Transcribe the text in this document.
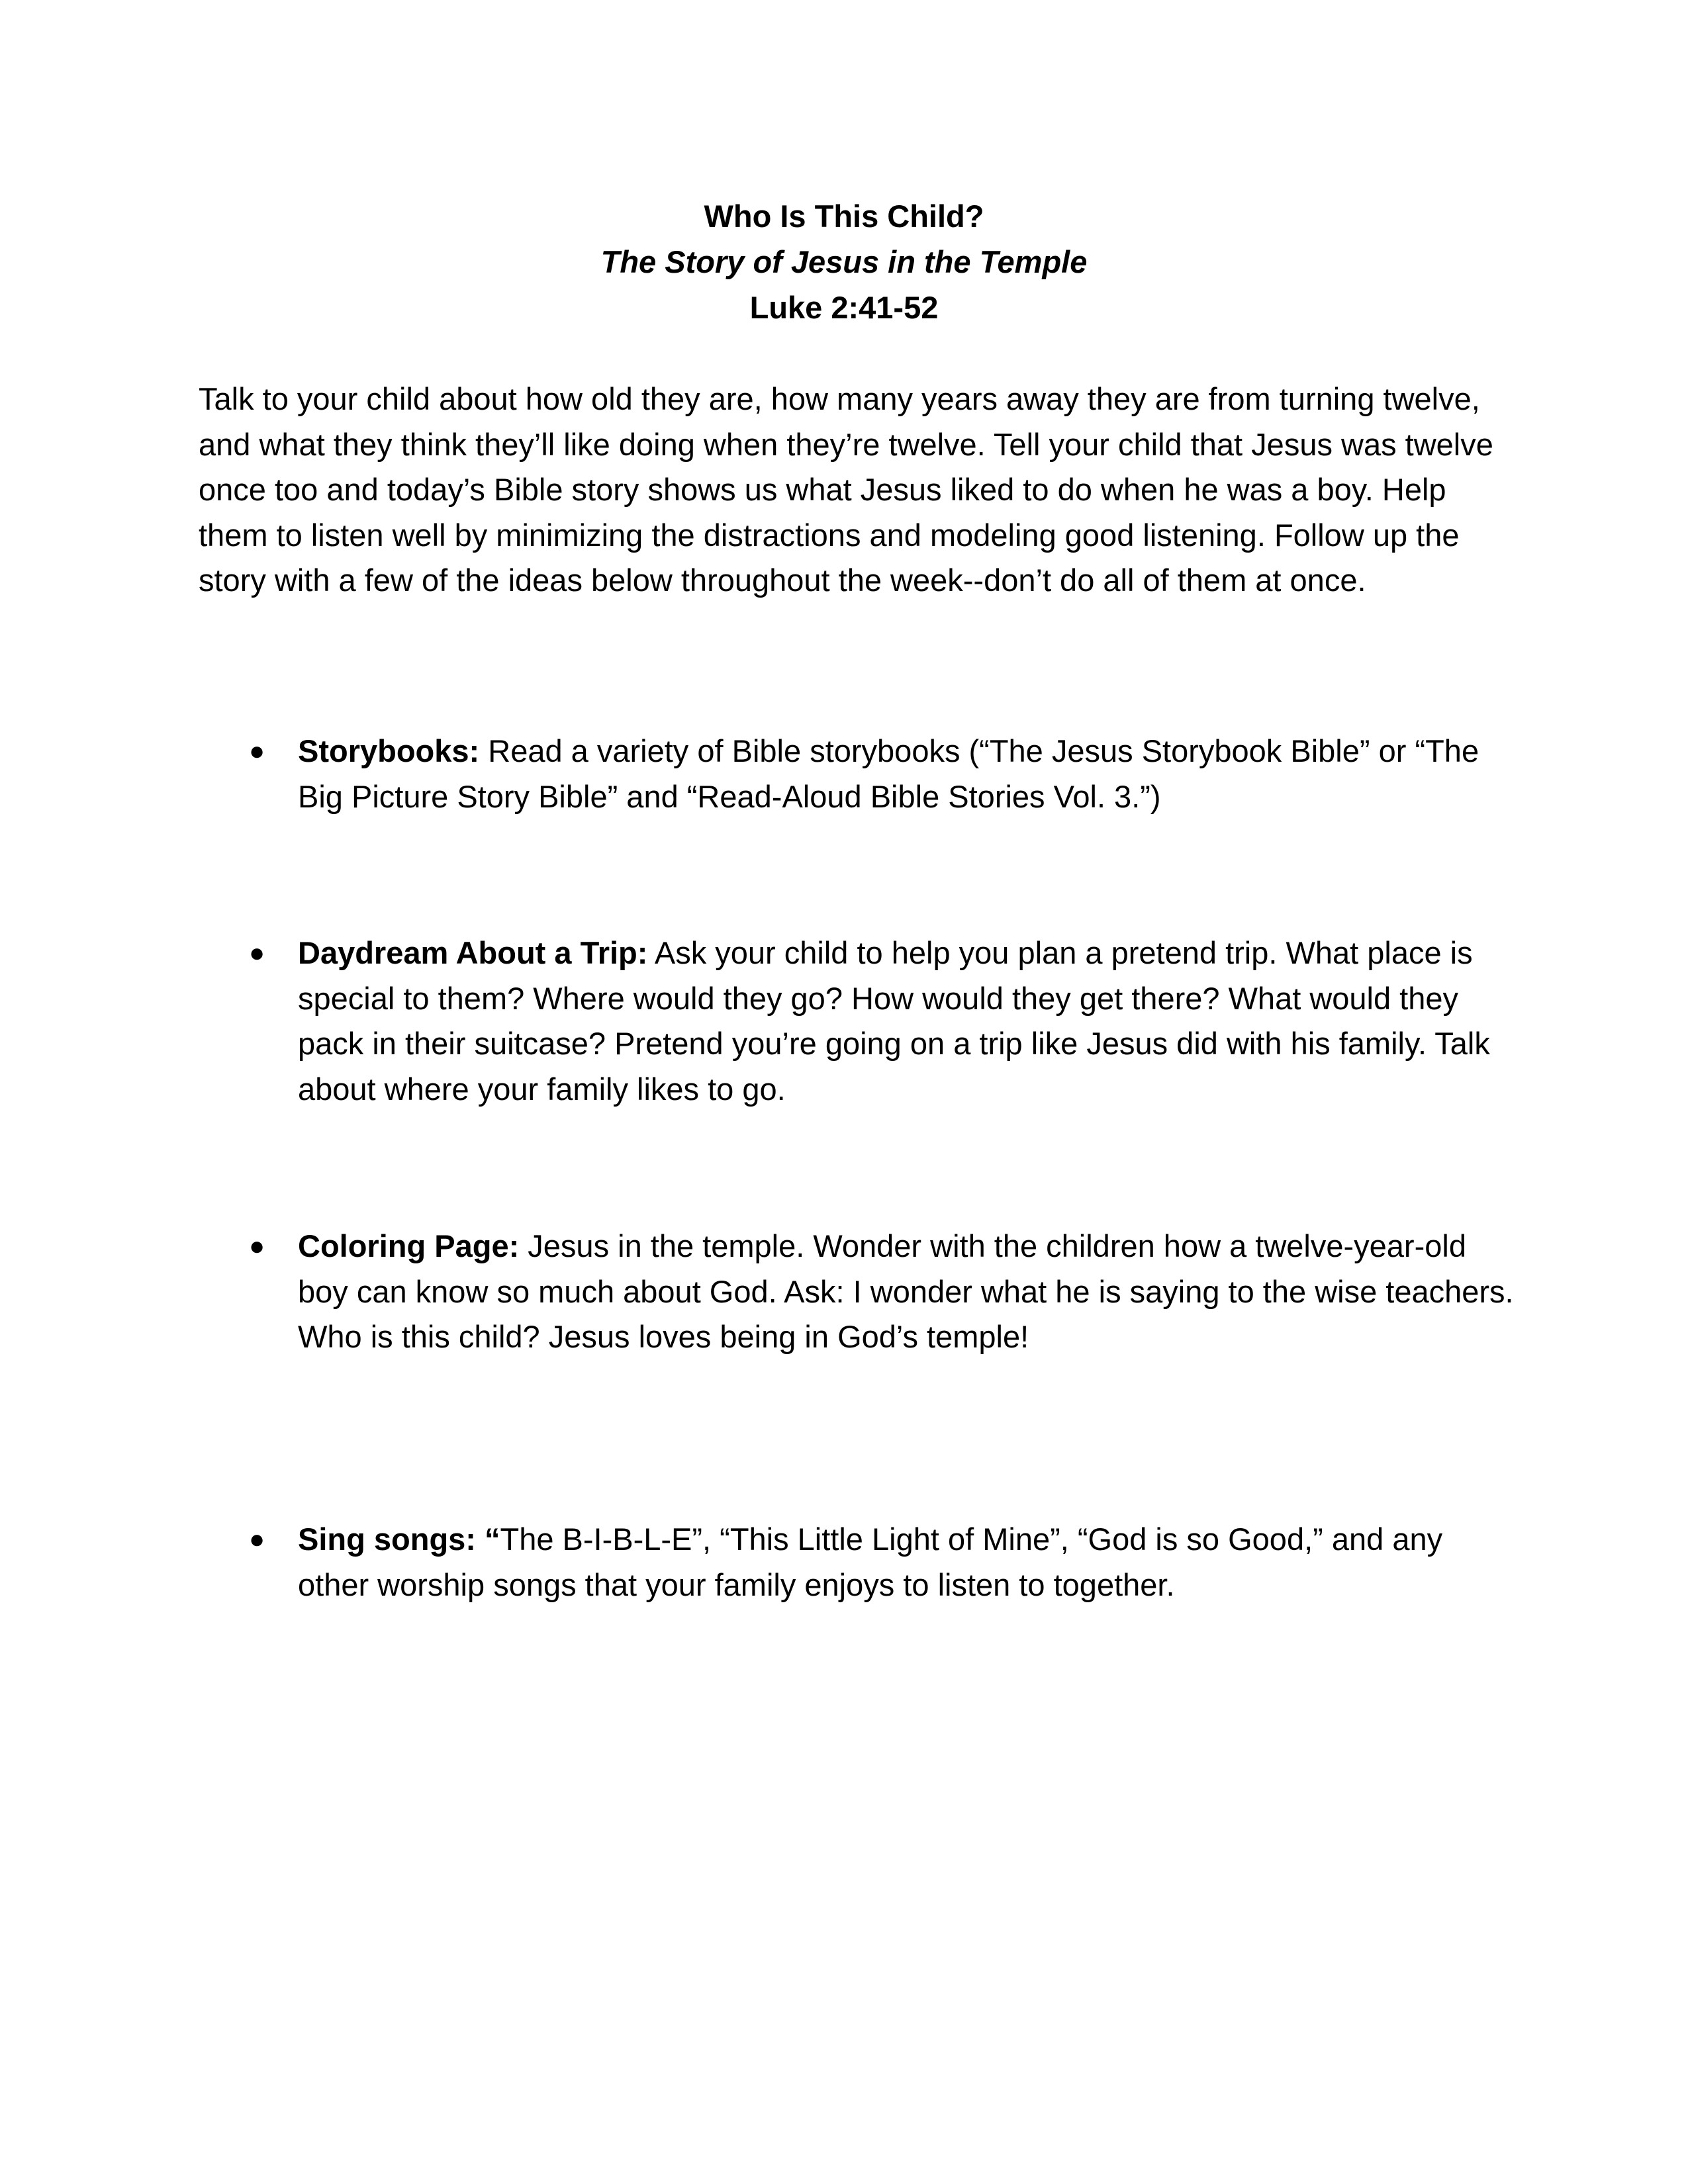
Who Is This Child?
The Story of Jesus in the Temple
Luke 2:41-52

Talk to your child about how old they are, how many years away they are from turning twelve, and what they think they’ll like doing when they’re twelve. Tell your child that Jesus was twelve once too and today’s Bible story shows us what Jesus liked to do when he was a boy. Help them to listen well by minimizing the distractions and modeling good listening. Follow up the story with a few of the ideas below throughout the week--don’t do all of them at once.

●	Storybooks: Read a variety of Bible storybooks (“The Jesus Storybook Bible” or “The Big Picture Story Bible” and “Read-Aloud Bible Stories Vol. 3.”)
●	Daydream About a Trip: Ask your child to help you plan a pretend trip. What place is special to them? Where would they go? How would they get there? What would they pack in their suitcase? Pretend you’re going on a trip like Jesus did with his family. Talk about where your family likes to go.
●	Coloring Page: Jesus in the temple. Wonder with the children how a twelve-year-old boy can know so much about God. Ask: I wonder what he is saying to the wise teachers. Who is this child? Jesus loves being in God’s temple!
●	Sing songs: “The B-I-B-L-E”, “This Little Light of Mine”, “God is so Good,” and any other worship songs that your family enjoys to listen to together.
